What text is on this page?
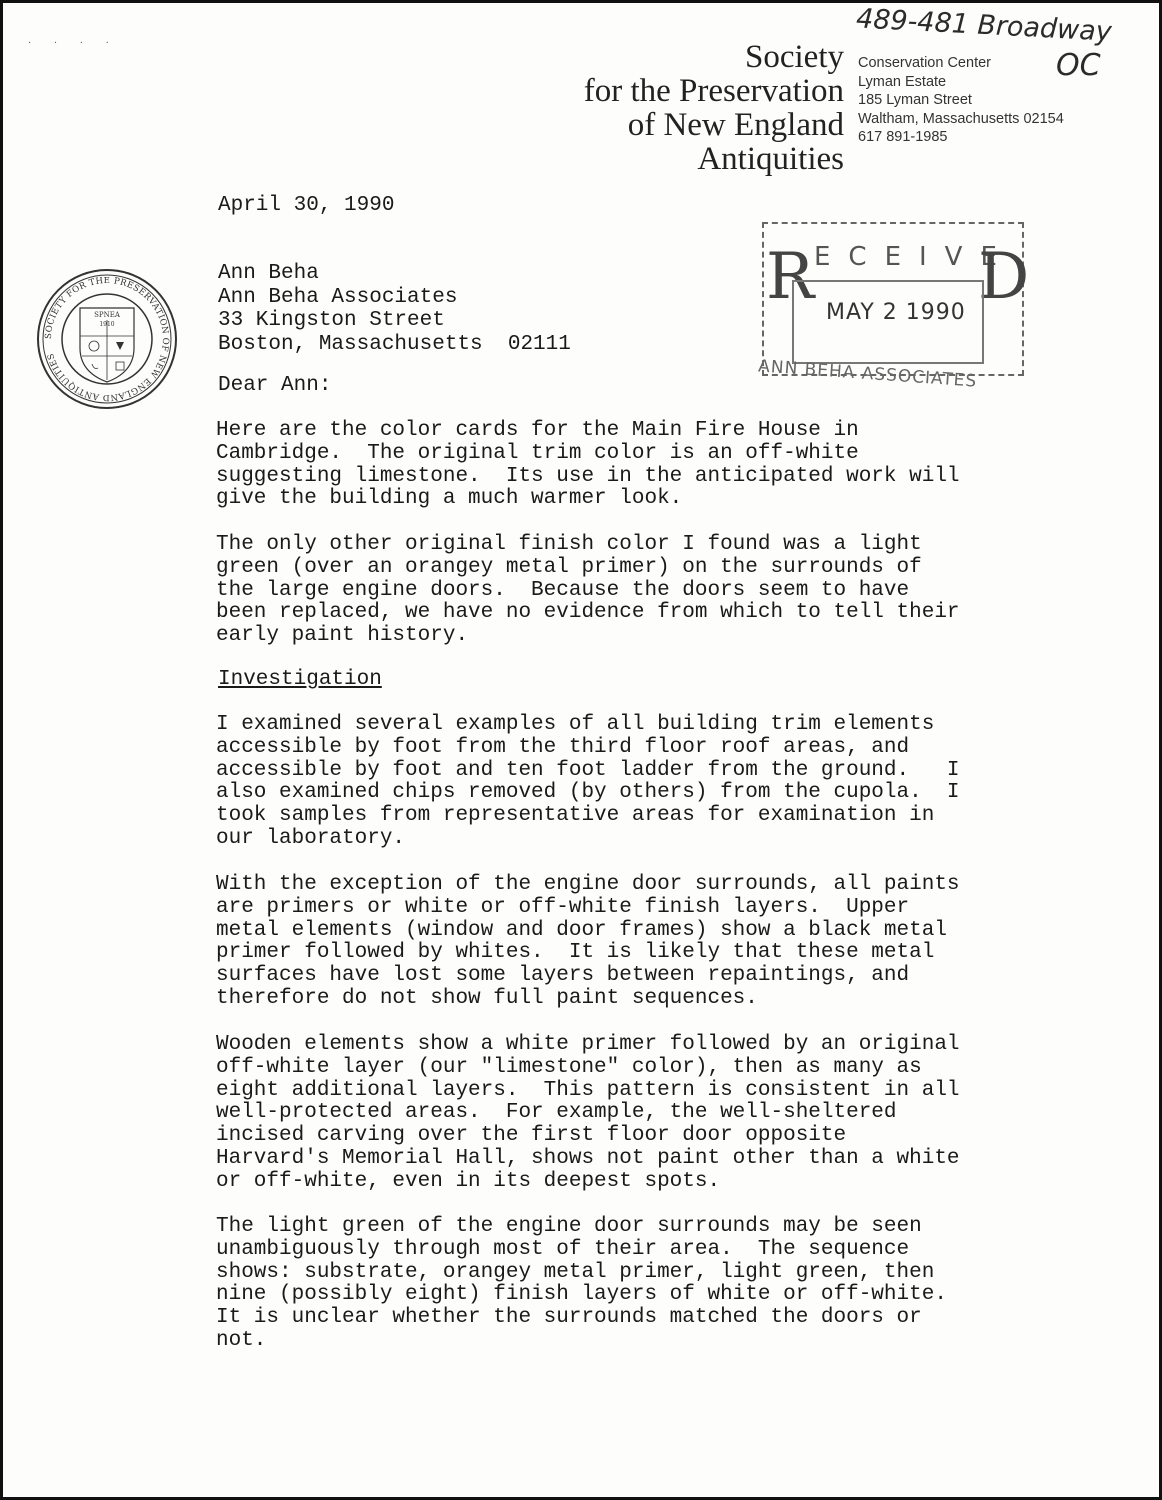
· · · ·	489-481 Broadway
OC
Society
for the Preservation
of New England
Antiquities
Conservation Center
Lyman Estate
185 Lyman Street
Waltham, Massachusetts 02154
617 891-1985
SOCIETY FOR THE PRESERVATION OF NEW ENGLAND ANTIQUITIES
SPNEA
1910
R ECEIVE
D
MAY 2 1990
ANN BEHA ASSOCIATES
April 30, 1990
Ann Beha
Ann Beha Associates
33 Kingston Street
Boston, Massachusetts  02111
Dear Ann:
Here are the color cards for the Main Fire House in
Cambridge.  The original trim color is an off-white
suggesting limestone.  Its use in the anticipated work will
give the building a much warmer look.
The only other original finish color I found was a light
green (over an orangey metal primer) on the surrounds of
the large engine doors.  Because the doors seem to have
been replaced, we have no evidence from which to tell their
early paint history.
Investigation
I examined several examples of all building trim elements
accessible by foot from the third floor roof areas, and
accessible by foot and ten foot ladder from the ground.   I
also examined chips removed (by others) from the cupola.  I
took samples from representative areas for examination in
our laboratory.
With the exception of the engine door surrounds, all paints
are primers or white or off-white finish layers.  Upper
metal elements (window and door frames) show a black metal
primer followed by whites.  It is likely that these metal
surfaces have lost some layers between repaintings, and
therefore do not show full paint sequences.
Wooden elements show a white primer followed by an original
off-white layer (our "limestone" color), then as many as
eight additional layers.  This pattern is consistent in all
well-protected areas.  For example, the well-sheltered
incised carving over the first floor door opposite
Harvard's Memorial Hall, shows not paint other than a white
or off-white, even in its deepest spots.
The light green of the engine door surrounds may be seen
unambiguously through most of their area.  The sequence
shows: substrate, orangey metal primer, light green, then
nine (possibly eight) finish layers of white or off-white.
It is unclear whether the surrounds matched the doors or
not.
